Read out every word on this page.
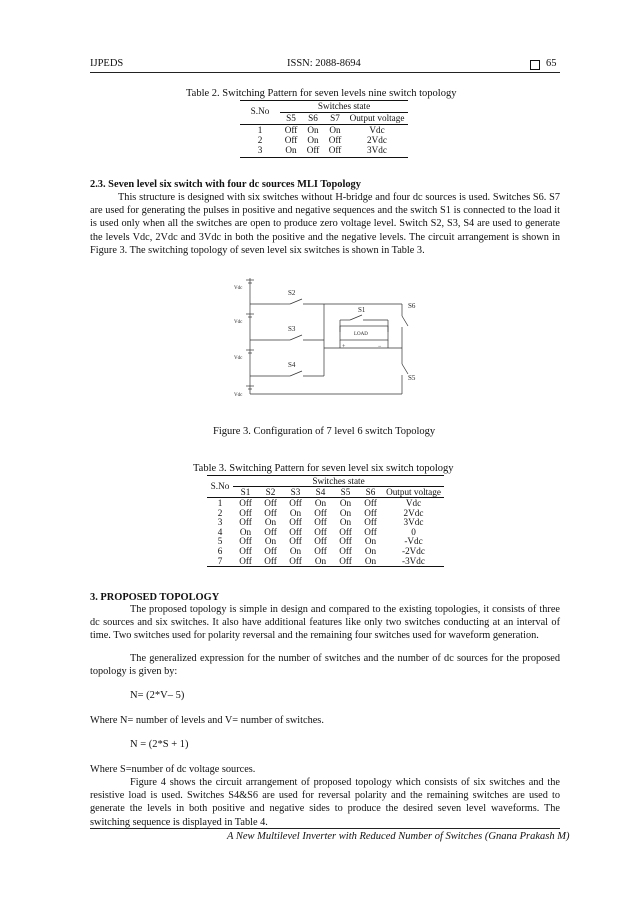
IJPEDS	ISSN: 2088-8694	65
Table 2. Switching Pattern for seven levels nine switch topology
S.No	Switches state
S5	S6	S7	Output voltage
1	Off	On	On	Vdc
2	Off	On	Off	2Vdc
3	On	Off	Off	3Vdc
2.3. Seven level six switch with four dc sources MLI Topology
This structure is designed with six switches without H-bridge and four dc sources is used. Switches S6. S7 are used for generating the pulses in positive and negative sequences and the switch S1 is connected to the load it is used only when all the switches are open to produce zero voltage level. Switch S2, S3, S4 are used to generate the levels Vdc, 2Vdc and 3Vdc in both the positive and the negative levels. The circuit arrangement is shown in Figure 3. The switching topology of seven level six switches is shown in Table 3.
Vdc
Vdc
Vdc
Vdc
S2
S3
S4
S1	S6
S5
LOAD
+	−
Figure 3. Configuration of 7 level 6 switch Topology
Table 3. Switching Pattern for seven level six switch topology
S.No	Switches state
S1	S2	S3	S4	S5	S6	Output voltage
1	Off	Off	Off	On	On	Off	Vdc
2	Off	Off	On	Off	On	Off	2Vdc
3	Off	On	Off	Off	On	Off	3Vdc
4	On	Off	Off	Off	Off	Off	0
5	Off	On	Off	Off	Off	On	-Vdc
6	Off	Off	On	Off	Off	On	-2Vdc
7	Off	Off	Off	On	Off	On	-3Vdc
3. PROPOSED TOPOLOGY
The proposed topology is simple in design and compared to the existing topologies, it consists of three dc sources and six switches. It also have additional features like only two switches conducting at an interval of time. Two switches used for polarity reversal and the remaining four switches used for waveform generation.
The generalized expression for the number of switches and the number of dc sources for the proposed topology is given by:
N= (2*V– 5)
Where N= number of levels and V= number of switches.
N = (2*S + 1)
Where S=number of dc voltage sources.
Figure 4 shows the circuit arrangement of proposed topology which consists of six switches and the resistive load is used. Switches S4&S6 are used for reversal polarity and the remaining switches are used to generate the levels in both positive and negative sides to produce the desired seven level waveforms. The switching sequence is displayed in Table 4.
A New Multilevel Inverter with Reduced Number of Switches (Gnana Prakash M)
